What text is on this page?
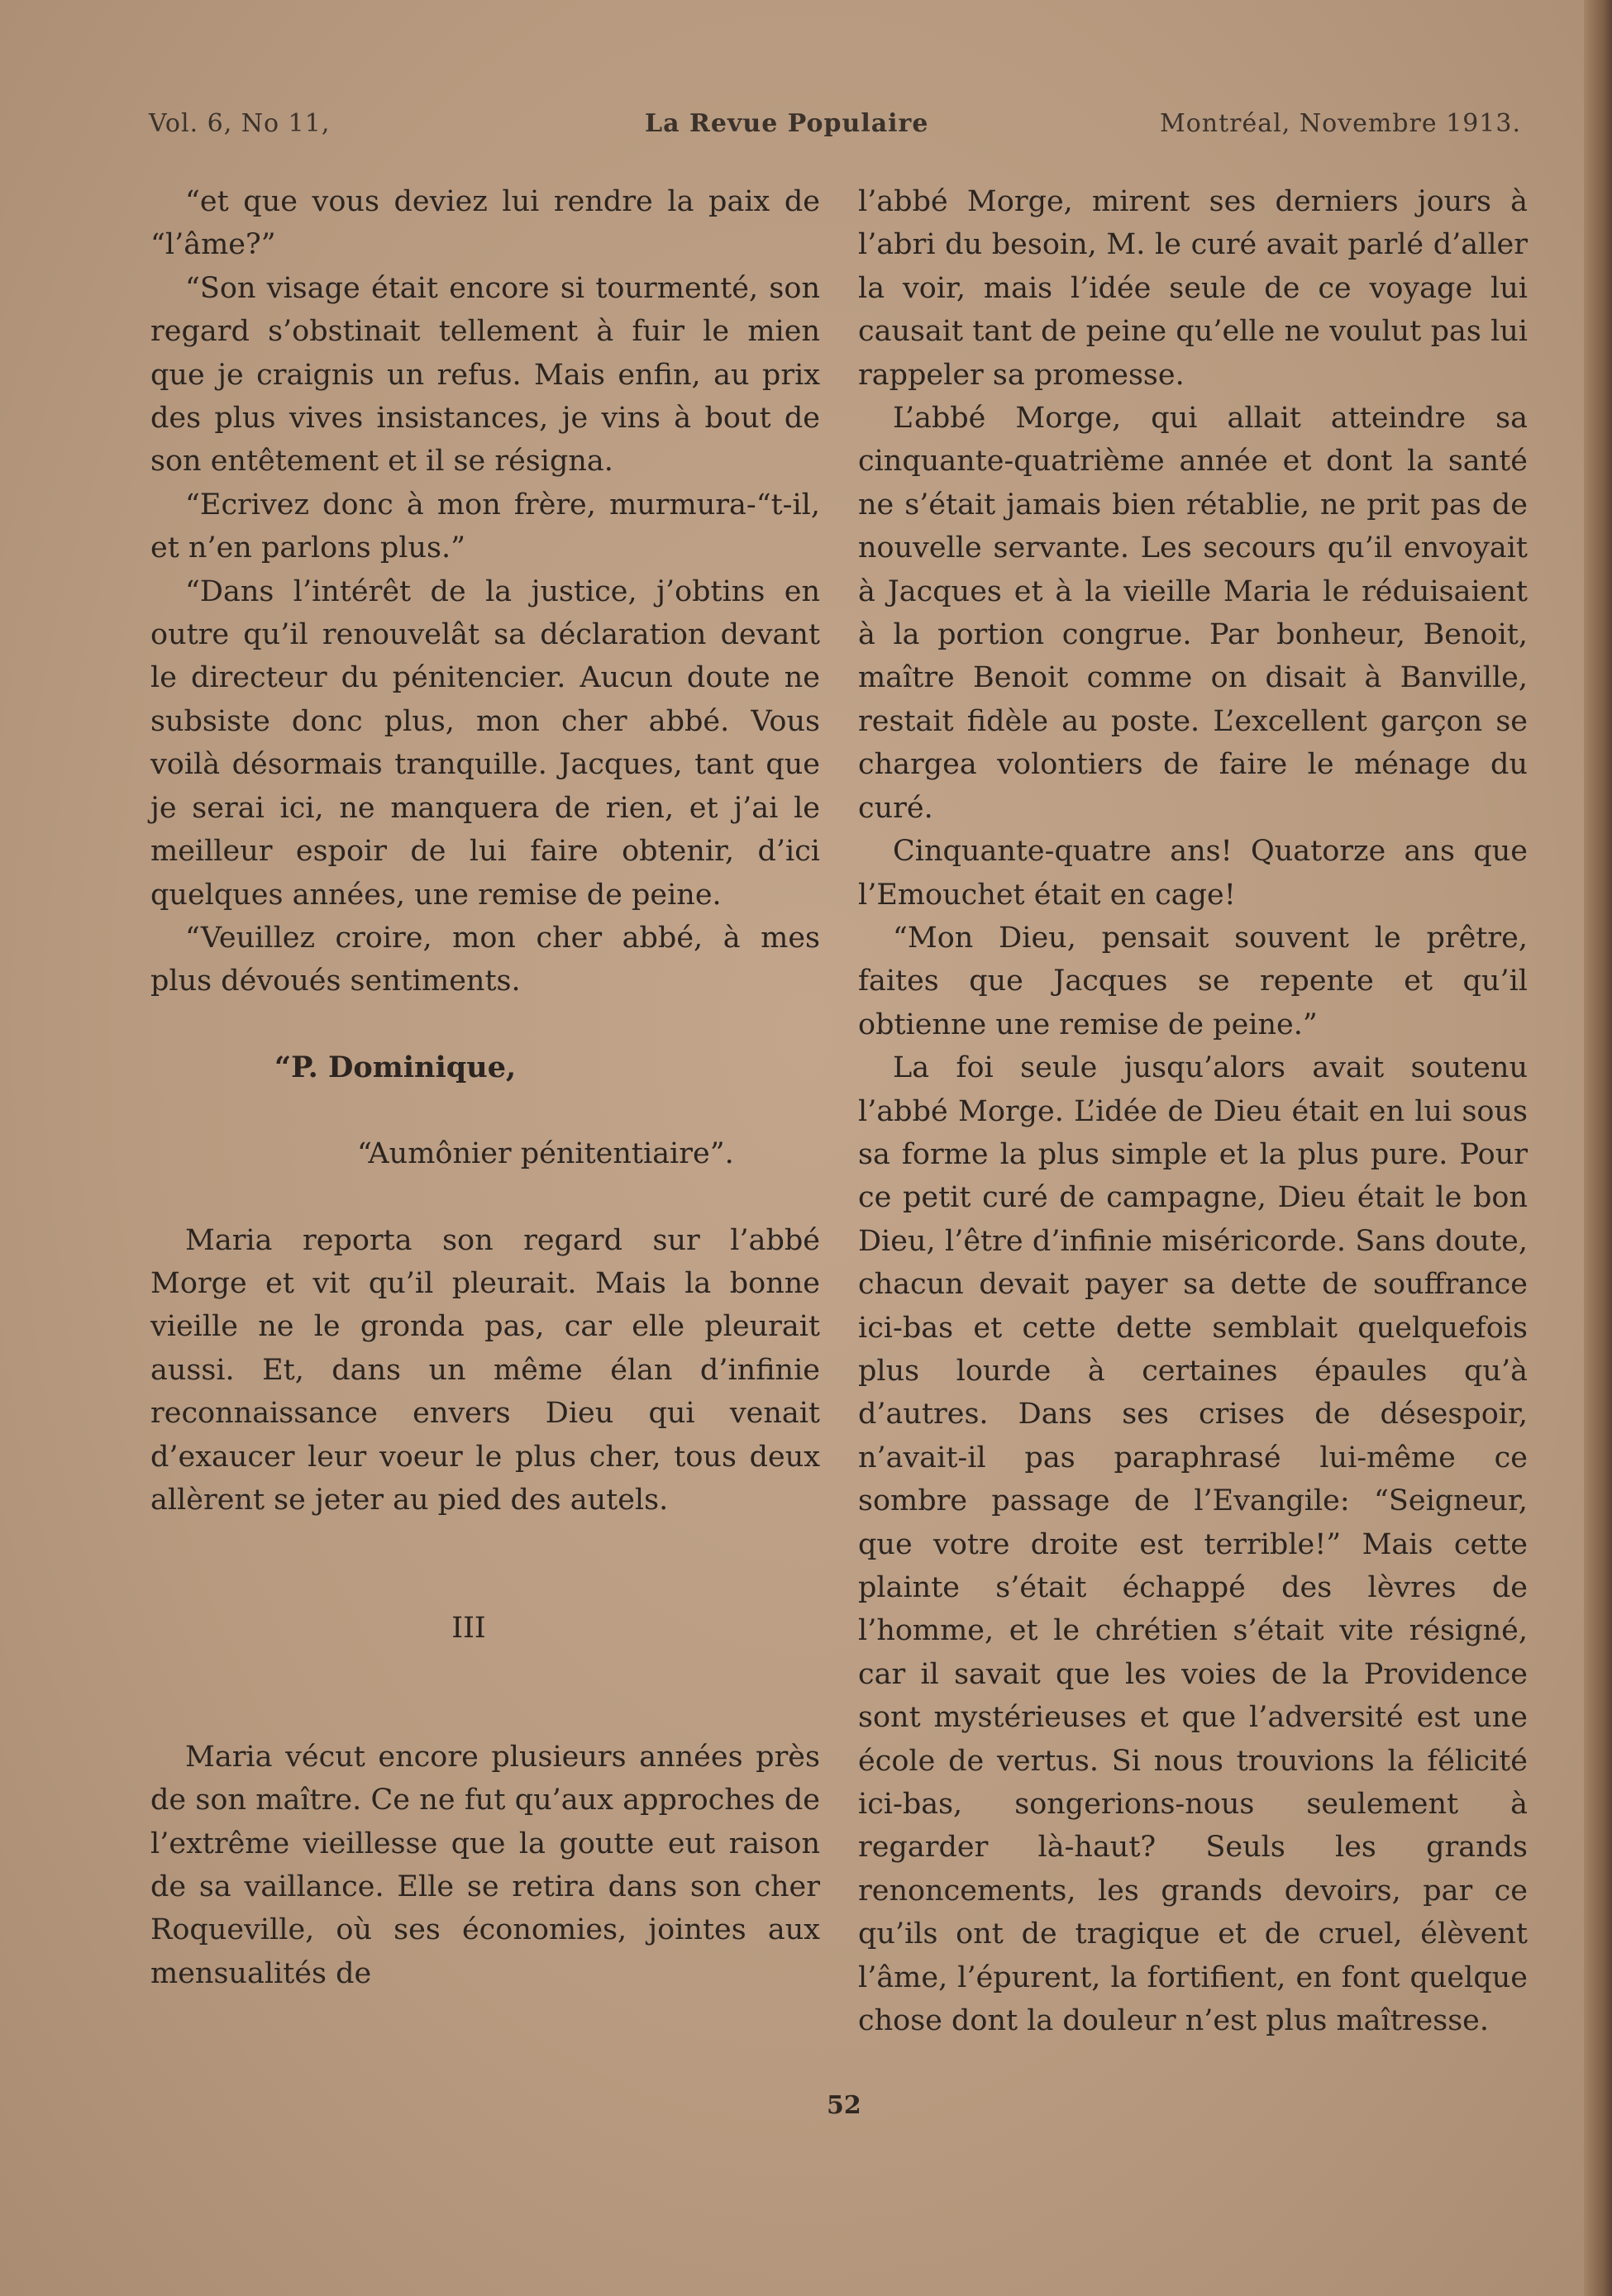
Vol. 6, No 11,	La Revue Populaire	Montréal, Novembre 1913.

“et que vous deviez lui rendre la paix de “l’âme?”

“Son visage était encore si tourmenté, son regard s’obstinait tellement à fuir le mien que je craignis un refus. Mais enfin, au prix des plus vives insistances, je vins à bout de son entêtement et il se résigna.

“Ecrivez donc à mon frère, murmura-“t-il, et n’en parlons plus.”

“Dans l’intérêt de la justice, j’obtins en outre qu’il renouvelât sa déclaration devant le directeur du pénitencier. Aucun doute ne subsiste donc plus, mon cher abbé. Vous voilà désormais tranquille. Jacques, tant que je serai ici, ne manquera de rien, et j’ai le meilleur espoir de lui faire obtenir, d’ici quelques années, une remise de peine.

“Veuillez croire, mon cher abbé, à mes plus dévoués sentiments.

“P. Dominique,

“Aumônier pénitentiaire”.

Maria reporta son regard sur l’abbé Morge et vit qu’il pleurait. Mais la bonne vieille ne le gronda pas, car elle pleurait aussi. Et, dans un même élan d’infinie reconnaissance envers Dieu qui venait d’exaucer leur voeur le plus cher, tous deux allèrent se jeter au pied des autels.

III

Maria vécut encore plusieurs années près de son maître. Ce ne fut qu’aux approches de l’extrême vieillesse que la goutte eut raison de sa vaillance. Elle se retira dans son cher Roqueville, où ses économies, jointes aux mensualités de

l’abbé Morge, mirent ses derniers jours à l’abri du besoin, M. le curé avait parlé d’aller la voir, mais l’idée seule de ce voyage lui causait tant de peine qu’elle ne voulut pas lui rappeler sa promesse.

L’abbé Morge, qui allait atteindre sa cinquante-quatrième année et dont la santé ne s’était jamais bien rétablie, ne prit pas de nouvelle servante. Les secours qu’il envoyait à Jacques et à la vieille Maria le réduisaient à la portion congrue. Par bonheur, Benoit, maître Benoit comme on disait à Banville, restait fidèle au poste. L’excellent garçon se chargea volontiers de faire le ménage du curé.

Cinquante-quatre ans! Quatorze ans que l’Emouchet était en cage!

“Mon Dieu, pensait souvent le prêtre, faites que Jacques se repente et qu’il obtienne une remise de peine.”

La foi seule jusqu’alors avait soutenu l’abbé Morge. L’idée de Dieu était en lui sous sa forme la plus simple et la plus pure. Pour ce petit curé de campagne, Dieu était le bon Dieu, l’être d’infinie miséricorde. Sans doute, chacun devait payer sa dette de souffrance ici-bas et cette dette semblait quelquefois plus lourde à certaines épaules qu’à d’autres. Dans ses crises de désespoir, n’avait-il pas paraphrasé lui-même ce sombre passage de l’Evangile: “Seigneur, que votre droite est terrible!” Mais cette plainte s’était échappé des lèvres de l’homme, et le chrétien s’était vite résigné, car il savait que les voies de la Providence sont mystérieuses et que l’adversité est une école de vertus. Si nous trouvions la félicité ici-bas, songerions-nous seulement à regarder là-haut? Seuls les grands renoncements, les grands devoirs, par ce qu’ils ont de tragique et de cruel, élèvent l’âme, l’épurent, la fortifient, en font quelque chose dont la douleur n’est plus maîtresse.

52
